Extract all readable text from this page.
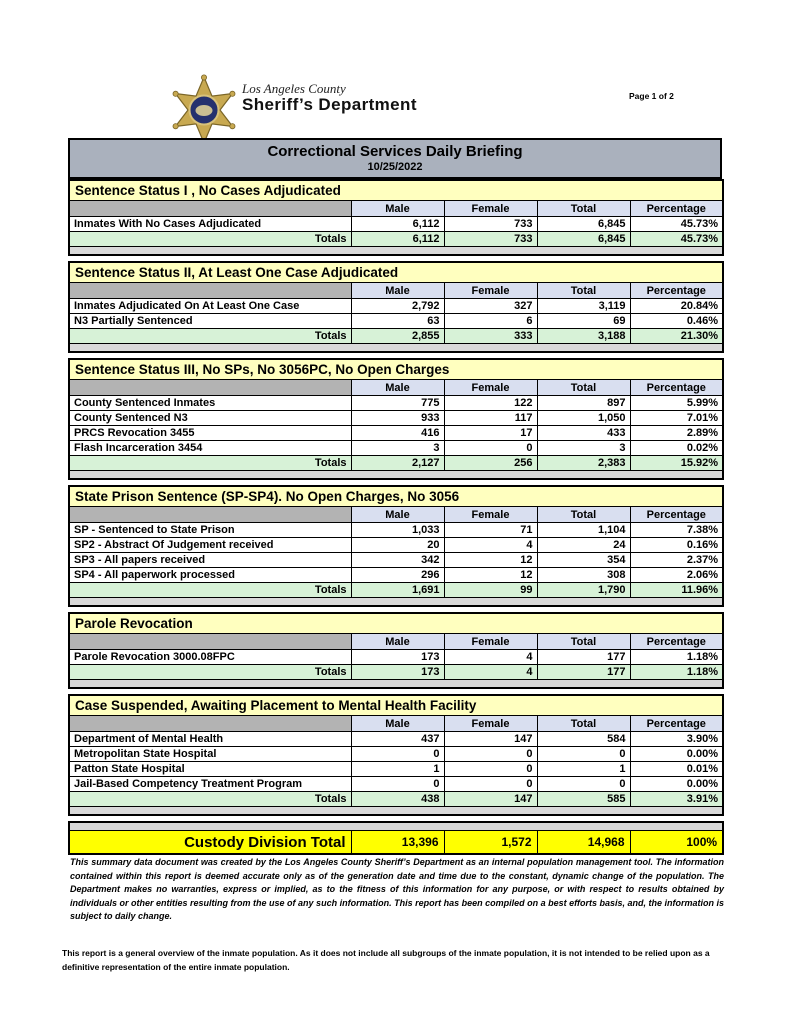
Los Angeles County
Sheriff’s Department	Page 1 of 2
Correctional Services Daily Briefing
10/25/2022
Sentence Status I , No Cases Adjudicated				
	Male	Female	Total	Percentage
Inmates With No Cases Adjudicated	6,112	733	6,845	45.73%
Totals	6,112	733	6,845	45.73%

Sentence Status II, At Least One Case Adjudicated				
	Male	Female	Total	Percentage
Inmates Adjudicated On At Least One Case	2,792	327	3,119	20.84%
N3 Partially Sentenced	63	6	69	0.46%
Totals	2,855	333	3,188	21.30%

Sentence Status III, No SPs, No 3056PC, No Open Charges				
	Male	Female	Total	Percentage
County Sentenced Inmates	775	122	897	5.99%
County Sentenced N3	933	117	1,050	7.01%
PRCS Revocation 3455	416	17	433	2.89%
Flash Incarceration 3454	3	0	3	0.02%
Totals	2,127	256	2,383	15.92%

State Prison Sentence (SP-SP4). No Open Charges, No 3056				
	Male	Female	Total	Percentage
SP - Sentenced to State Prison	1,033	71	1,104	7.38%
SP2 - Abstract Of Judgement received	20	4	24	0.16%
SP3 - All papers received	342	12	354	2.37%
SP4 - All paperwork processed	296	12	308	2.06%
Totals	1,691	99	1,790	11.96%

Parole Revocation				
	Male	Female	Total	Percentage
Parole Revocation 3000.08FPC	173	4	177	1.18%
Totals	173	4	177	1.18%

Case Suspended, Awaiting Placement to Mental Health Facility				
	Male	Female	Total	Percentage
Department of Mental Health	437	147	584	3.90%
Metropolitan State Hospital	0	0	0	0.00%
Patton State Hospital	1	0	1	0.01%
Jail-Based Competency Treatment Program	0	0	0	0.00%
Totals	438	147	585	3.91%

Custody Division Total	13,396	1,572	14,968	100%
This summary data document was created by the Los Angeles County Sheriff’s Department as an internal population management tool. The information contained within this report is deemed accurate only as of the generation date and time due to the constant, dynamic change of the population. The Department makes no warranties, express or implied, as to the fitness of this information for any purpose, or with respect to results obtained by individuals or other entities resulting from the use of any such information. This report has been compiled on a best efforts basis, and, the information is subject to daily change.
This report is a general overview of the inmate population. As it does not include all subgroups of the inmate population, it is not intended to be relied upon as a definitive representation of the entire inmate population.
